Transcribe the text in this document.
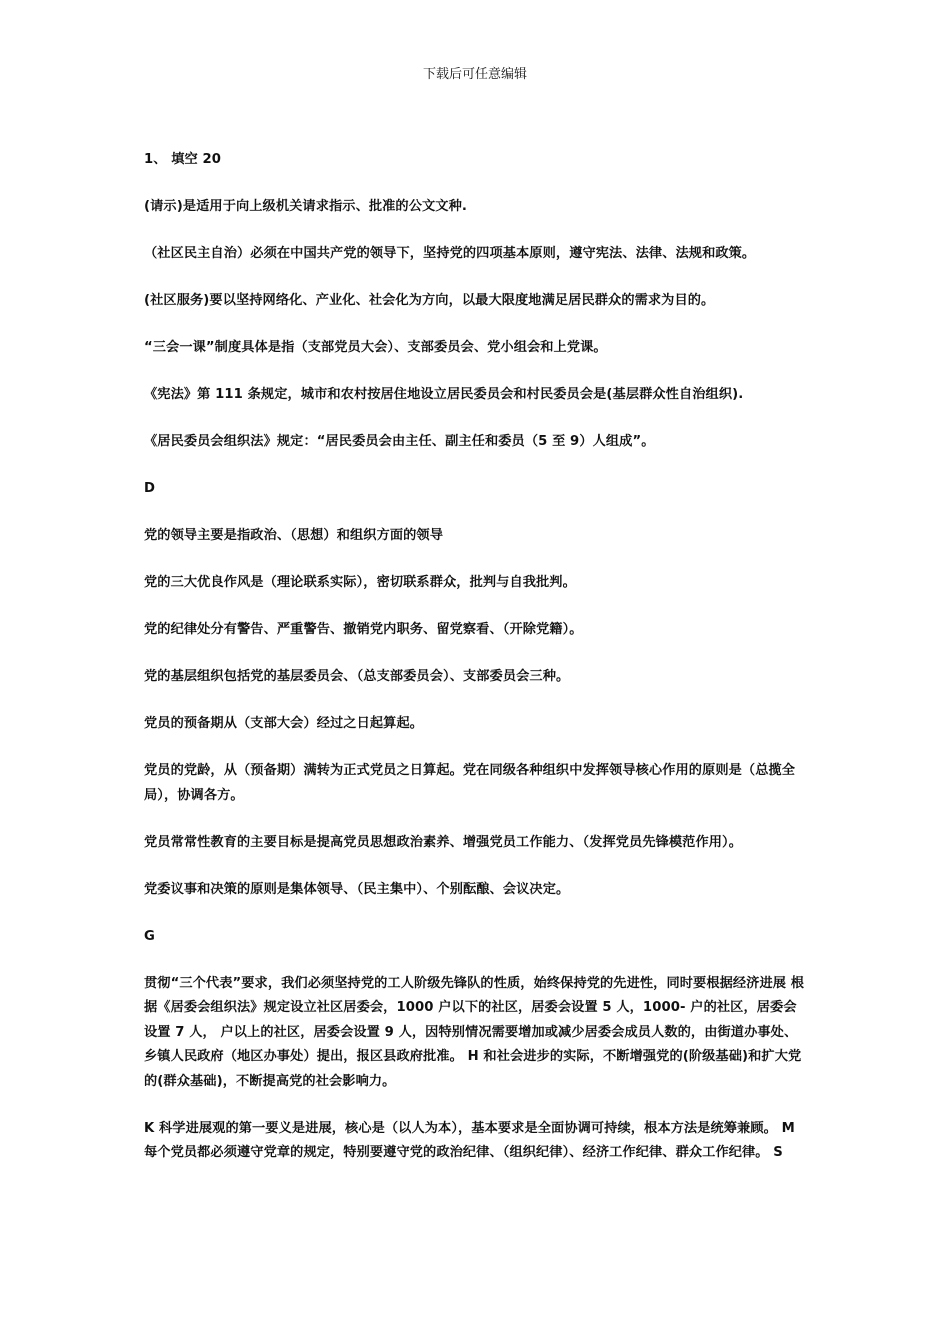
下载后可任意编辑

1、 填空 20

(请示)是适用于向上级机关请求指示、批准的公文文种.

（社区民主自治）必须在中国共产党的领导下，坚持党的四项基本原则，遵守宪法、法律、法规和政策。

(社区服务)要以坚持网络化、产业化、社会化为方向，以最大限度地满足居民群众的需求为目的。

“三会一课”制度具体是指（支部党员大会）、支部委员会、党小组会和上党课。

《宪法》第 111 条规定，城市和农村按居住地设立居民委员会和村民委员会是(基层群众性自治组织).

《居民委员会组织法》规定：“居民委员会由主任、副主任和委员（5 至 9）人组成”。

D

党的领导主要是指政治、（思想）和组织方面的领导

党的三大优良作风是（理论联系实际），密切联系群众，批判与自我批判。

党的纪律处分有警告、严重警告、撤销党内职务、留党察看、（开除党籍）。

党的基层组织包括党的基层委员会、（总支部委员会）、支部委员会三种。

党员的预备期从（支部大会）经过之日起算起。

党员的党龄，从（预备期）满转为正式党员之日算起。党在同级各种组织中发挥领导核心作用的原则是（总揽全 局），协调各方。

党员常常性教育的主要目标是提高党员思想政治素养、增强党员工作能力、（发挥党员先锋模范作用）。

党委议事和决策的原则是集体领导、（民主集中）、个别酝酿、会议决定。

G

贯彻“三个代表”要求，我们必须坚持党的工人阶级先锋队的性质，始终保持党的先进性，同时要根据经济进展 根据《居委会组织法》规定设立社区居委会，1000 户以下的社区，居委会设置 5 人，1000- 户的社区，居委会设置 7 人， 户以上的社区，居委会设置 9 人，因特别情况需要增加或减少居委会成员人数的，由街道办事处、乡镇人民政府（地区办事处）提出，报区县政府批准。 H 和社会进步的实际，不断增强党的(阶级基础)和扩大党的(群众基础)，不断提高党的社会影响力。

K 科学进展观的第一要义是进展，核心是（以人为本），基本要求是全面协调可持续，根本方法是统筹兼顾。 M 每个党员都必须遵守党章的规定，特别要遵守党的政治纪律、（组织纪律）、经济工作纪律、群众工作纪律。 S
